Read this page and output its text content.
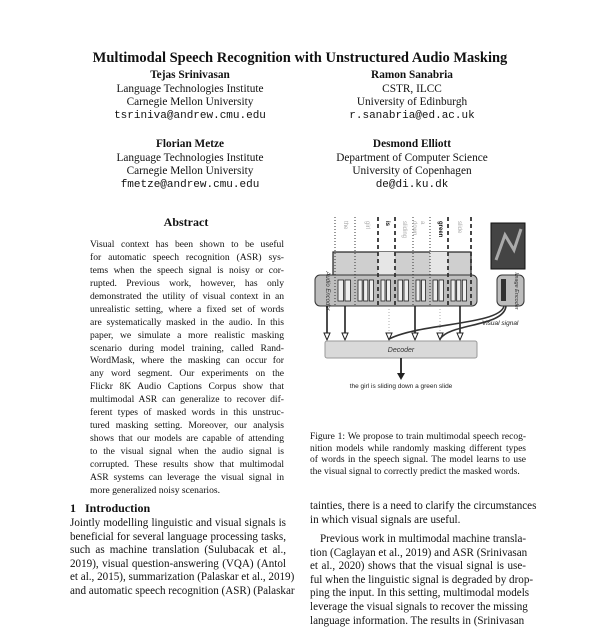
Multimodal Speech Recognition with Unstructured Audio Masking
Tejas Srinivasan
Language Technologies Institute
Carnegie Mellon University
tsriniva@andrew.cmu.edu
Ramon Sanabria
CSTR, ILCC
University of Edinburgh
r.sanabria@ed.ac.uk
Florian Metze
Language Technologies Institute
Carnegie Mellon University
fmetze@andrew.cmu.edu
Desmond Elliott
Department of Computer Science
University of Copenhagen
de@di.ku.dk
Abstract
Visual context has been shown to be useful
for automatic speech recognition (ASR) sys-
tems when the speech signal is noisy or cor-
rupted. Previous work, however, has only
demonstrated the utility of visual context in an
unrealistic setting, where a fixed set of words
are systematically masked in the audio. In this
paper, we simulate a more realistic masking
scenario during model training, called Rand-
WordMask, where the masking can occur for
any word segment. Our experiments on the
Flickr 8K Audio Captions Corpus show that
multimodal ASR can generalize to recover dif-
ferent types of masked words in this unstruc-
tured masking setting. Moreover, our analysis
shows that our models are capable of attending
to the visual signal when the audio signal is
corrupted. These results show that multimodal
ASR systems can leverage the visual signal in
more generalized noisy scenarios.
1 Introduction
Jointly modelling linguistic and visual signals is
beneficial for several language processing tasks,
such as machine translation (Sulubacak et al.,
2019), visual question-answering (VQA) (Antol
et al., 2015), summarization (Palaskar et al., 2019)
and automatic speech recognition (ASR) (Palaskar
Audio Encoder	Image Encoder
Visual signal
Decoder
the girl is sliding down a green slide
the	girl is sliding down a green slide
Figure 1: We propose to train multimodal speech recog-
nition models while randomly masking different types
of words in the speech signal. The model learns to use
the visual signal to correctly predict the masked words.
tainties, there is a need to clarify the circumstances
in which visual signals are useful.
Previous work in multimodal machine transla-
tion (Caglayan et al., 2019) and ASR (Srinivasan
et al., 2020) shows that the visual signal is use-
ful when the linguistic signal is degraded by drop-
ping the input. In this setting, multimodal models
leverage the visual signals to recover the missing
language information. The results in (Srinivasan
